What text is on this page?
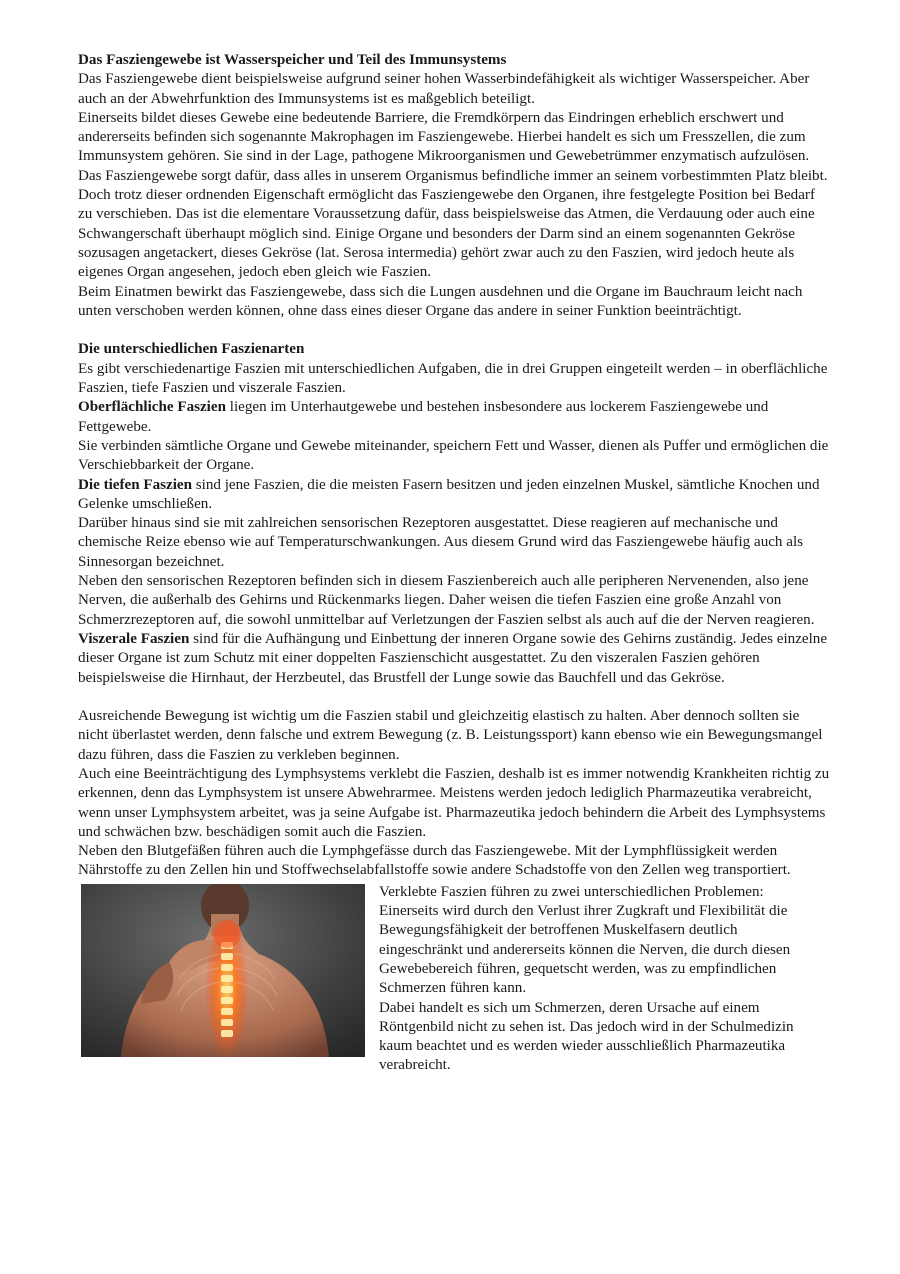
Das Fasziengewebe ist Wasserspeicher und Teil des Immunsystems

Das Fasziengewebe dient beispielsweise aufgrund seiner hohen Wasserbindefähigkeit als wichtiger Wasserspeicher. Aber auch an der Abwehrfunktion des Immunsystems ist es maßgeblich beteiligt.

Einerseits bildet dieses Gewebe eine bedeutende Barriere, die Fremdkörpern das Eindringen erheblich erschwert und andererseits befinden sich sogenannte Makrophagen im Fasziengewebe. Hierbei handelt es sich um Fresszellen, die zum Immunsystem gehören. Sie sind in der Lage, pathogene Mikroorganismen und Gewebetrümmer enzymatisch aufzulösen.

Das Fasziengewebe sorgt dafür, dass alles in unserem Organismus befindliche immer an seinem vorbestimmten Platz bleibt.

Doch trotz dieser ordnenden Eigenschaft ermöglicht das Fasziengewebe den Organen, ihre festgelegte Position bei Bedarf zu verschieben. Das ist die elementare Voraussetzung dafür, dass beispielsweise das Atmen, die Verdauung oder auch eine Schwangerschaft überhaupt möglich sind. Einige Organe und besonders der Darm sind an einem sogenannten Gekröse sozusagen angetackert, dieses Gekröse (lat. Serosa intermedia) gehört zwar auch zu den Faszien, wird jedoch heute als eigenes Organ angesehen, jedoch eben gleich wie Faszien.

Beim Einatmen bewirkt das Fasziengewebe, dass sich die Lungen ausdehnen und die Organe im Bauchraum leicht nach unten verschoben werden können, ohne dass eines dieser Organe das andere in seiner Funktion beeinträchtigt.

Die unterschiedlichen Faszienarten

Es gibt verschiedenartige Faszien mit unterschiedlichen Aufgaben, die in drei Gruppen eingeteilt werden – in oberflächliche Faszien, tiefe Faszien und viszerale Faszien.

Oberflächliche Faszien liegen im Unterhautgewebe und bestehen insbesondere aus lockerem Fasziengewebe und Fettgewebe.

Sie verbinden sämtliche Organe und Gewebe miteinander, speichern Fett und Wasser, dienen als Puffer und ermöglichen die Verschiebbarkeit der Organe.

Die tiefen Faszien sind jene Faszien, die die meisten Fasern besitzen und jeden einzelnen Muskel, sämtliche Knochen und Gelenke umschließen.

Darüber hinaus sind sie mit zahlreichen sensorischen Rezeptoren ausgestattet. Diese reagieren auf mechanische und chemische Reize ebenso wie auf Temperaturschwankungen. Aus diesem Grund wird das Fasziengewebe häufig auch als Sinnesorgan bezeichnet.

Neben den sensorischen Rezeptoren befinden sich in diesem Faszienbereich auch alle peripheren Nervenenden, also jene Nerven, die außerhalb des Gehirns und Rückenmarks liegen. Daher weisen die tiefen Faszien eine große Anzahl von Schmerzrezeptoren auf, die sowohl unmittelbar auf Verletzungen der Faszien selbst als auch auf die der Nerven reagieren.

Viszerale Faszien sind für die Aufhängung und Einbettung der inneren Organe sowie des Gehirns zuständig. Jedes einzelne dieser Organe ist zum Schutz mit einer doppelten Faszienschicht ausgestattet. Zu den viszeralen Faszien gehören beispielsweise die Hirnhaut, der Herzbeutel, das Brustfell der Lunge sowie das Bauchfell und das Gekröse.

Ausreichende Bewegung ist wichtig um die Faszien stabil und gleichzeitig elastisch zu halten. Aber dennoch sollten sie nicht überlastet werden, denn falsche und extrem Bewegung (z. B. Leistungssport) kann ebenso wie ein Bewegungsmangel dazu führen, dass die Faszien zu verkleben beginnen.

Auch eine Beeinträchtigung des Lymphsystems verklebt die Faszien, deshalb ist es immer notwendig Krankheiten richtig zu erkennen, denn das Lymphsystem ist unsere Abwehrarmee. Meistens werden jedoch lediglich Pharmazeutika verabreicht, wenn unser Lymphsystem arbeitet, was ja seine Aufgabe ist. Pharmazeutika jedoch behindern die Arbeit des Lymphsystems und schwächen bzw. beschädigen somit auch die Faszien.

Neben den Blutgefäßen führen auch die Lymphgefässe durch das Fasziengewebe. Mit der Lymphflüssigkeit werden Nährstoffe zu den Zellen hin und Stoffwechselabfallstoffe sowie andere Schadstoffe von den Zellen weg transportiert.

Verklebte Faszien führen zu zwei unterschiedlichen Problemen: Einerseits wird durch den Verlust ihrer Zugkraft und Flexibilität die Bewegungsfähigkeit der betroffenen Muskelfasern deutlich eingeschränkt und andererseits können die Nerven, die durch diesen Gewebebereich führen, gequetscht werden, was zu empfindlichen Schmerzen führen kann.

Dabei handelt es sich um Schmerzen, deren Ursache auf einem Röntgenbild nicht zu sehen ist. Das jedoch wird in der Schulmedizin kaum beachtet und es werden wieder ausschließlich Pharmazeutika verabreicht.
